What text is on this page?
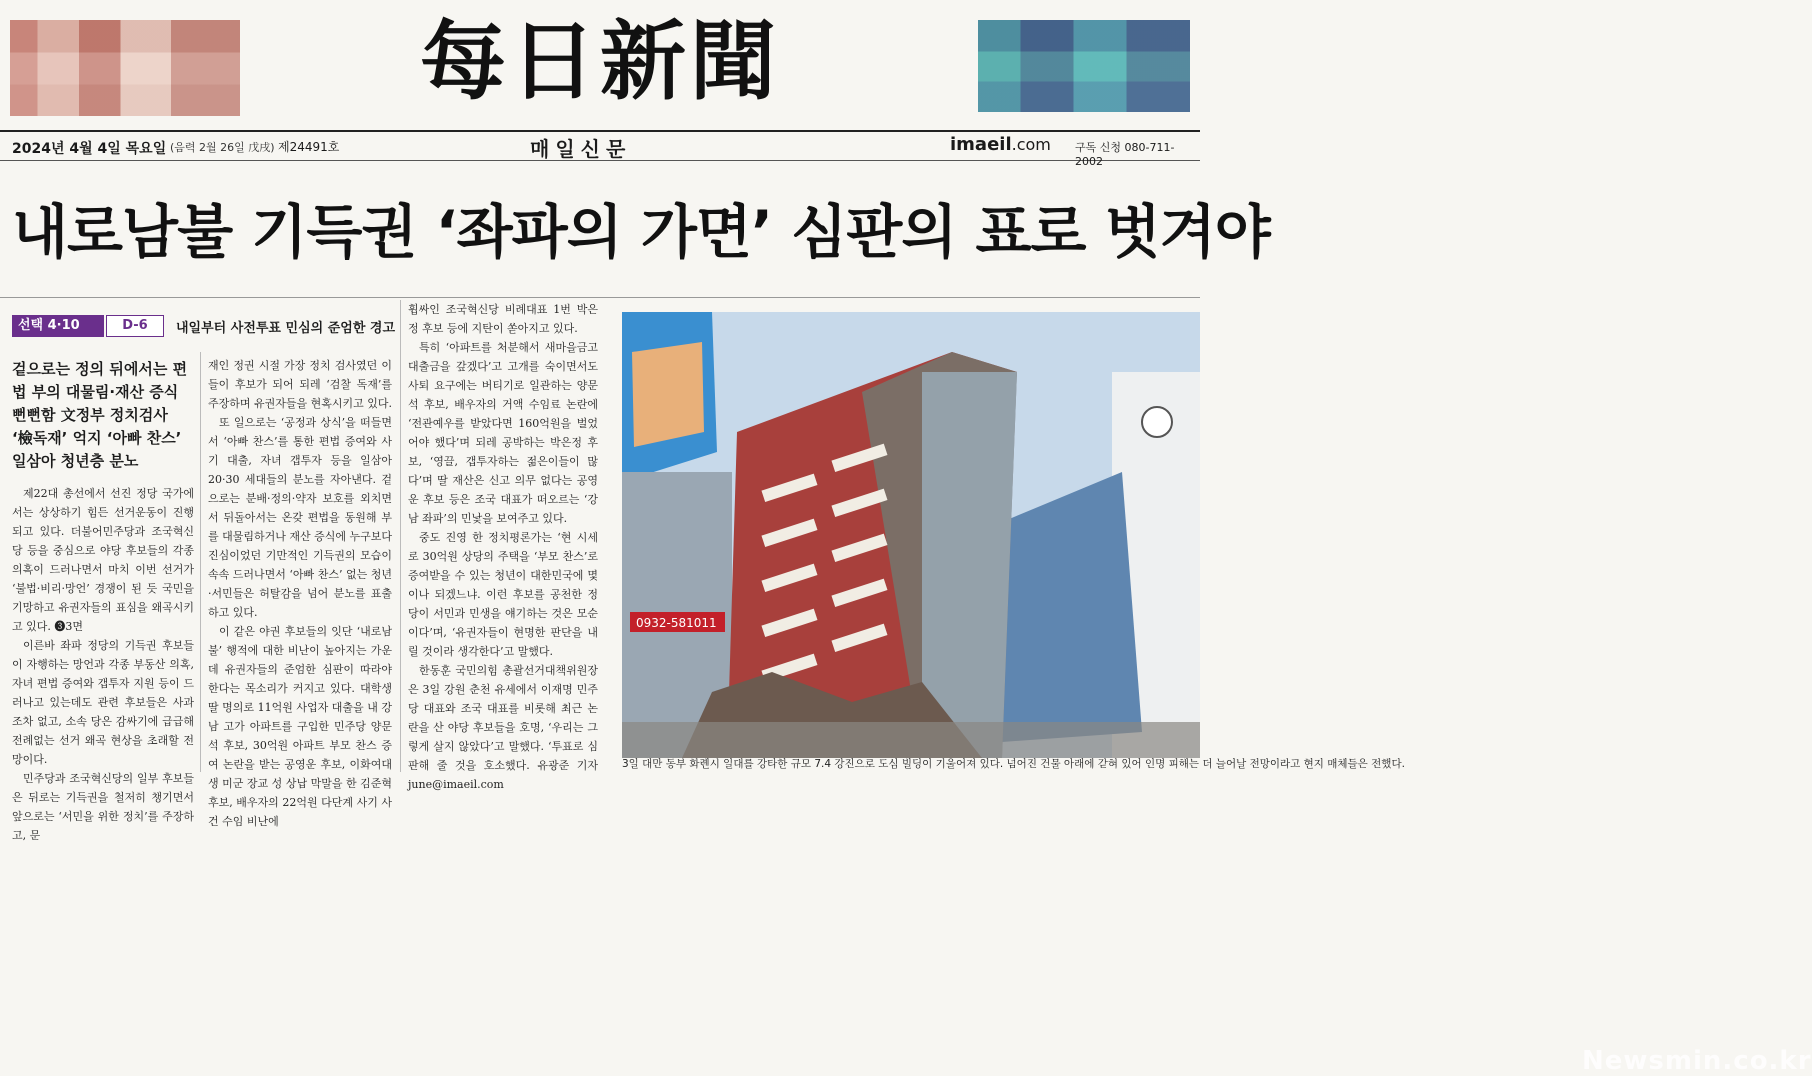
每日新聞
2024년 4월 4일 목요일 (음력 2월 26일 戊戌) 제24491호	매일신문	imaeil.com 구독 신청 080-711-2002
내로남불 기득권 ‘좌파의 가면’ 심판의 표로 벗겨야
선택 4·10	D-6	내일부터 사전투표 민심의 준엄한 경고
겉으로는 정의 뒤에서는 편법 부의 대물림·재산 증식 뻔뻔함 文정부 정치검사 ‘檢독재’ 억지 ‘아빠 찬스’ 일삼아 청년층 분노

제22대 총선에서 선진 정당 국가에서는 상상하기 힘든 선거운동이 진행되고 있다. 더불어민주당과 조국혁신당 등을 중심으로 야당 후보들의 각종 의혹이 드러나면서 마치 이번 선거가 ‘불법·비리·망언’ 경쟁이 된 듯 국민을 기망하고 유권자들의 표심을 왜곡시키고 있다. ❸3면

이른바 좌파 정당의 기득권 후보들이 자행하는 망언과 각종 부동산 의혹, 자녀 편법 증여와 갭투자 지원 등이 드러나고 있는데도 관련 후보들은 사과조차 없고, 소속 당은 감싸기에 급급해 전례없는 선거 왜곡 현상을 초래할 전망이다.

민주당과 조국혁신당의 일부 후보들은 뒤로는 기득권을 철저히 챙기면서 앞으로는 ‘서민을 위한 정치’를 주장하고, 문

재인 정권 시절 가장 정치 검사였던 이들이 후보가 되어 되레 ‘검찰 독재’를 주장하며 유권자들을 현혹시키고 있다.

또 일으로는 ‘공정과 상식’을 떠들면서 ‘아빠 찬스’를 통한 편법 증여와 사기 대출, 자녀 갭투자 등을 일삼아 20·30 세대들의 분노를 자아낸다. 겉으로는 분배·정의·약자 보호를 외치면서 뒤돌아서는 온갖 편법을 동원해 부를 대물림하거나 재산 증식에 누구보다 진심이었던 기만적인 기득권의 모습이 속속 드러나면서 ‘아빠 찬스’ 없는 청년·서민들은 허탈감을 넘어 분노를 표출하고 있다.

이 같은 야권 후보들의 잇단 ‘내로남불’ 행적에 대한 비난이 높아지는 가운데 유권자들의 준엄한 심판이 따라야 한다는 목소리가 커지고 있다. 대학생 딸 명의로 11억원 사업자 대출을 내 강남 고가 아파트를 구입한 민주당 양문석 후보, 30억원 아파트 부모 찬스 증여 논란을 받는 공영운 후보, 이화여대생 미군 장교 성 상납 막말을 한 김준혁 후보, 배우자의 22억원 다단계 사기 사건 수임 비난에

휩싸인 조국혁신당 비례대표 1번 박은정 후보 등에 지탄이 쏟아지고 있다.

특히 ‘아파트를 처분해서 새마을금고 대출금을 갚겠다’고 고개를 숙이면서도 사퇴 요구에는 버티기로 일관하는 양문석 후보, 배우자의 거액 수임료 논란에 ‘전관예우를 받았다면 160억원을 벌었어야 했다’며 되레 공박하는 박은정 후보, ‘영끌, 갭투자하는 젊은이들이 많다’며 딸 재산은 신고 의무 없다는 공영운 후보 등은 조국 대표가 떠오르는 ‘강남 좌파’의 민낯을 보여주고 있다.

중도 진영 한 정치평론가는 ‘현 시세로 30억원 상당의 주택을 ‘부모 찬스’로 증여받을 수 있는 청년이 대한민국에 몇이나 되겠느냐. 이런 후보를 공천한 정당이 서민과 민생을 얘기하는 것은 모순이다’며, ‘유권자들이 현명한 판단을 내릴 것이라 생각한다’고 말했다.

한동훈 국민의힘 총괄선거대책위원장은 3일 강원 춘천 유세에서 이재명 민주당 대표와 조국 대표를 비롯해 최근 논란을 산 야당 후보들을 호명, ‘우리는 그렇게 살지 않았다’고 말했다. ‘투표로 심판해 줄 것을 호소했다. 유광준 기자 june@imaeil.com

0932-581011
Newsmin.co.kr
3일 대만 동부 화롄시 일대를 강타한 규모 7.4 강진으로 도심 빌딩이 기울어져 있다. 넘어진 건물 아래에 갇혀 있어 인명 피해는 더 늘어날 전망이라고 현지 매체들은 전했다.
